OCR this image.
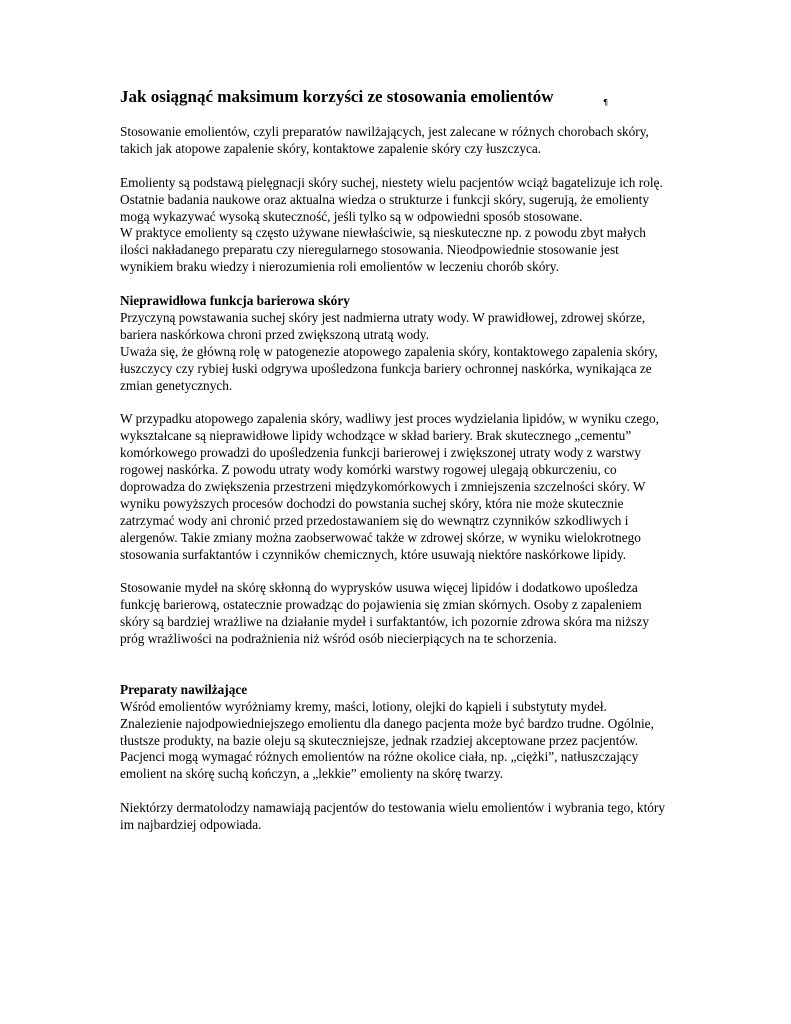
¶
Jak osiągnąć maksimum korzyści ze stosowania emolientów

Stosowanie emolientów, czyli preparatów nawilżających, jest zalecane w różnych chorobach skóry, takich jak atopowe zapalenie skóry, kontaktowe zapalenie skóry czy łuszczyca.

Emolienty są podstawą pielęgnacji skóry suchej, niestety wielu pacjentów wciąż bagatelizuje ich rolę.

Ostatnie badania naukowe oraz aktualna wiedza o strukturze i funkcji skóry, sugerują, że emolienty mogą wykazywać wysoką skuteczność, jeśli tylko są w odpowiedni sposób stosowane.

W praktyce emolienty są często używane niewłaściwie, są nieskuteczne np. z powodu zbyt małych ilości nakładanego preparatu czy nieregularnego stosowania. Nieodpowiednie stosowanie jest wynikiem braku wiedzy i nierozumienia roli emolientów w leczeniu chorób skóry.

Nieprawidłowa funkcja barierowa skóry

Przyczyną powstawania suchej skóry jest nadmierna utraty wody. W prawidłowej, zdrowej skórze, bariera naskórkowa chroni przed zwiększoną utratą wody.

Uważa się, że główną rolę w patogenezie atopowego zapalenia skóry, kontaktowego zapalenia skóry, łuszczycy czy rybiej łuski odgrywa upośledzona funkcja bariery ochronnej naskórka, wynikająca ze zmian genetycznych.

W przypadku atopowego zapalenia skóry, wadliwy jest proces wydzielania lipidów, w wyniku czego, wykształcane są nieprawidłowe lipidy wchodzące w skład bariery. Brak skutecznego „cementu” komórkowego prowadzi do upośledzenia funkcji barierowej i zwiększonej utraty wody z warstwy rogowej naskórka. Z powodu utraty wody komórki warstwy rogowej ulegają obkurczeniu, co doprowadza do zwiększenia przestrzeni międzykomórkowych i zmniejszenia szczelności skóry. W wyniku powyższych procesów dochodzi do powstania suchej skóry, która nie może skutecznie zatrzymać wody ani chronić przed przedostawaniem się do wewnątrz czynników szkodliwych i alergenów. Takie zmiany można zaobserwować także w zdrowej skórze, w wyniku wielokrotnego stosowania surfaktantów i czynników chemicznych, które usuwają niektóre naskórkowe lipidy.

Stosowanie mydeł na skórę skłonną do wyprysków usuwa więcej lipidów i dodatkowo upośledza funkcję barierową, ostatecznie prowadząc do pojawienia się zmian skórnych. Osoby z zapaleniem skóry są bardziej wrażliwe na działanie mydeł i surfaktantów, ich pozornie zdrowa skóra ma niższy próg wrażliwości na podrażnienia niż wśród osób niecierpiących na te schorzenia.

Preparaty nawilżające

Wśród emolientów wyróżniamy kremy, maści, lotiony, olejki do kąpieli i substytuty mydeł. Znalezienie najodpowiedniejszego emolientu dla danego pacjenta może być bardzo trudne. Ogólnie, tłustsze produkty, na bazie oleju są skuteczniejsze, jednak rzadziej akceptowane przez pacjentów. Pacjenci mogą wymagać różnych emolientów na różne okolice ciała, np. „ciężki”, natłuszczający emolient na skórę suchą kończyn, a „lekkie” emolienty na skórę twarzy.

Niektórzy dermatolodzy namawiają pacjentów do testowania wielu emolientów i wybrania tego, który im najbardziej odpowiada.
